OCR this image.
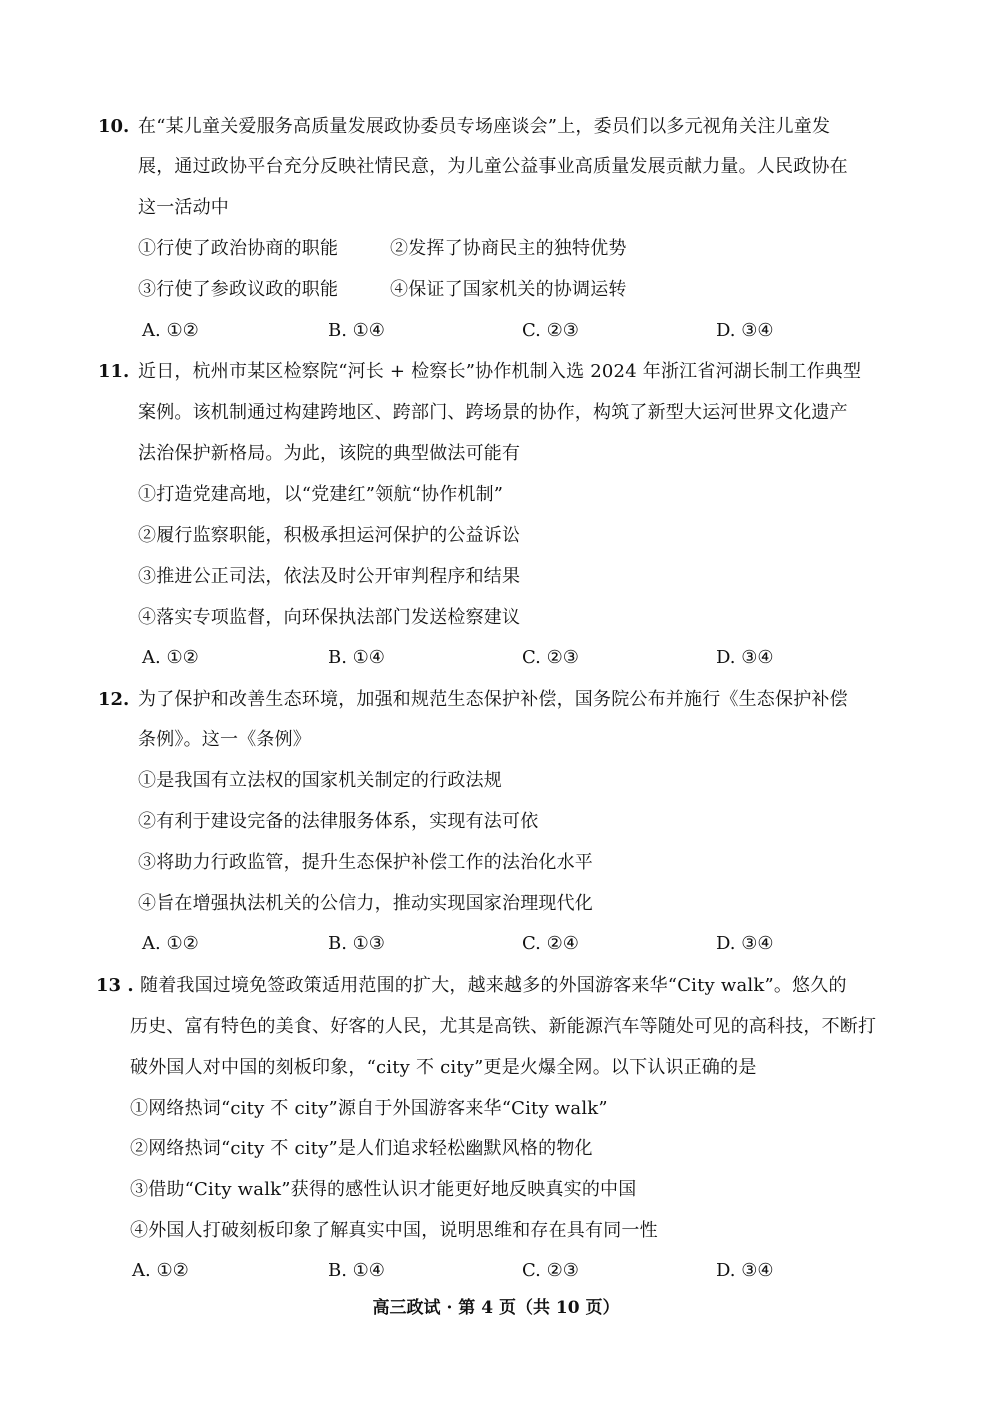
10. 在“某儿童关爱服务高质量发展政协委员专场座谈会”上，委员们以多元视角关注儿童发
展，通过政协平台充分反映社情民意，为儿童公益事业高质量发展贡献力量。人民政协在
这一活动中
①行使了政治协商的职能	②发挥了协商民主的独特优势
③行使了参政议政的职能	④保证了国家机关的协调运转
A. ①②	B. ①④	C. ②③	D. ③④
11. 近日，杭州市某区检察院“河长 + 检察长”协作机制入选 2024 年浙江省河湖长制工作典型
案例。该机制通过构建跨地区、跨部门、跨场景的协作，构筑了新型大运河世界文化遗产
法治保护新格局。为此，该院的典型做法可能有
①打造党建高地，以“党建红”领航“协作机制”
②履行监察职能，积极承担运河保护的公益诉讼
③推进公正司法，依法及时公开审判程序和结果
④落实专项监督，向环保执法部门发送检察建议
A. ①②	B. ①④	C. ②③	D. ③④
12. 为了保护和改善生态环境，加强和规范生态保护补偿，国务院公布并施行《生态保护补偿
条例》。这一《条例》
①是我国有立法权的国家机关制定的行政法规
②有利于建设完备的法律服务体系，实现有法可依
③将助力行政监管，提升生态保护补偿工作的法治化水平
④旨在增强执法机关的公信力，推动实现国家治理现代化
A. ①②	B. ①③	C. ②④	D. ③④
13 . 随着我国过境免签政策适用范围的扩大，越来越多的外国游客来华“City walk”。悠久的
历史、富有特色的美食、好客的人民，尤其是高铁、新能源汽车等随处可见的高科技，不断打
破外国人对中国的刻板印象，“city 不 city”更是火爆全网。以下认识正确的是
①网络热词“city 不 city”源自于外国游客来华“City walk”
②网络热词“city 不 city”是人们追求轻松幽默风格的物化
③借助“City walk”获得的感性认识才能更好地反映真实的中国
④外国人打破刻板印象了解真实中国，说明思维和存在具有同一性
A. ①②	B. ①④	C. ②③	D. ③④
高三政试 · 第 4 页（共 10 页）
